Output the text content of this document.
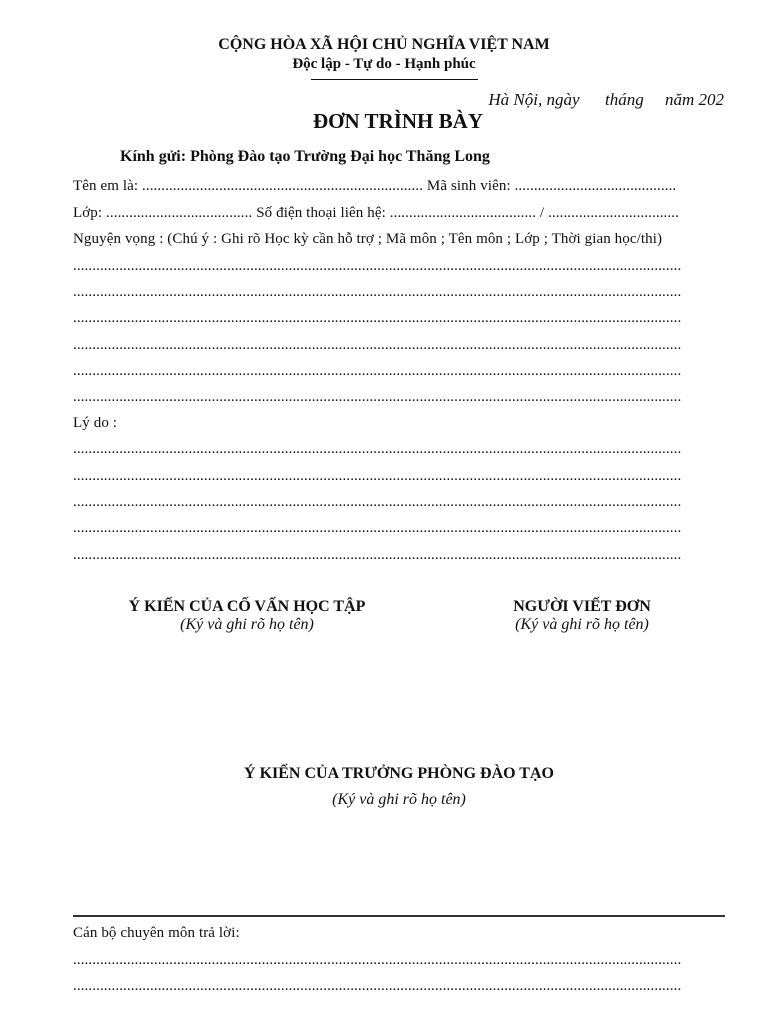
CỘNG HÒA XÃ HỘI CHỦ NGHĨA VIỆT NAM
Độc lập - Tự do - Hạnh phúc
Hà Nội, ngày      tháng     năm 202
ĐƠN TRÌNH BÀY
Kính gửi: Phòng Đào tạo Trường Đại học Thăng Long
Tên em là: ......................................................................... Mã sinh viên: ..........................................
Lớp: ...................................... Số điện thoại liên hệ: ...................................... / ..................................
Nguyện vọng : (Chú ý : Ghi rõ Học kỳ cần hỗ trợ ; Mã môn ; Tên môn ; Lớp ; Thời gian học/thi)
..............................................................................................................................................................
..............................................................................................................................................................
..............................................................................................................................................................
..............................................................................................................................................................
..............................................................................................................................................................
..............................................................................................................................................................
Lý do :
..............................................................................................................................................................
..............................................................................................................................................................
..............................................................................................................................................................
..............................................................................................................................................................
..............................................................................................................................................................
Ý KIẾN CỦA CỐ VẤN HỌC TẬP
(Ký và ghi rõ họ tên)
NGƯỜI VIẾT ĐƠN
(Ký và ghi rõ họ tên)
Ý KIẾN CỦA TRƯỞNG PHÒNG ĐÀO TẠO
(Ký và ghi rõ họ tên)
Cán bộ chuyên môn trả lời:
..............................................................................................................................................................
..............................................................................................................................................................
